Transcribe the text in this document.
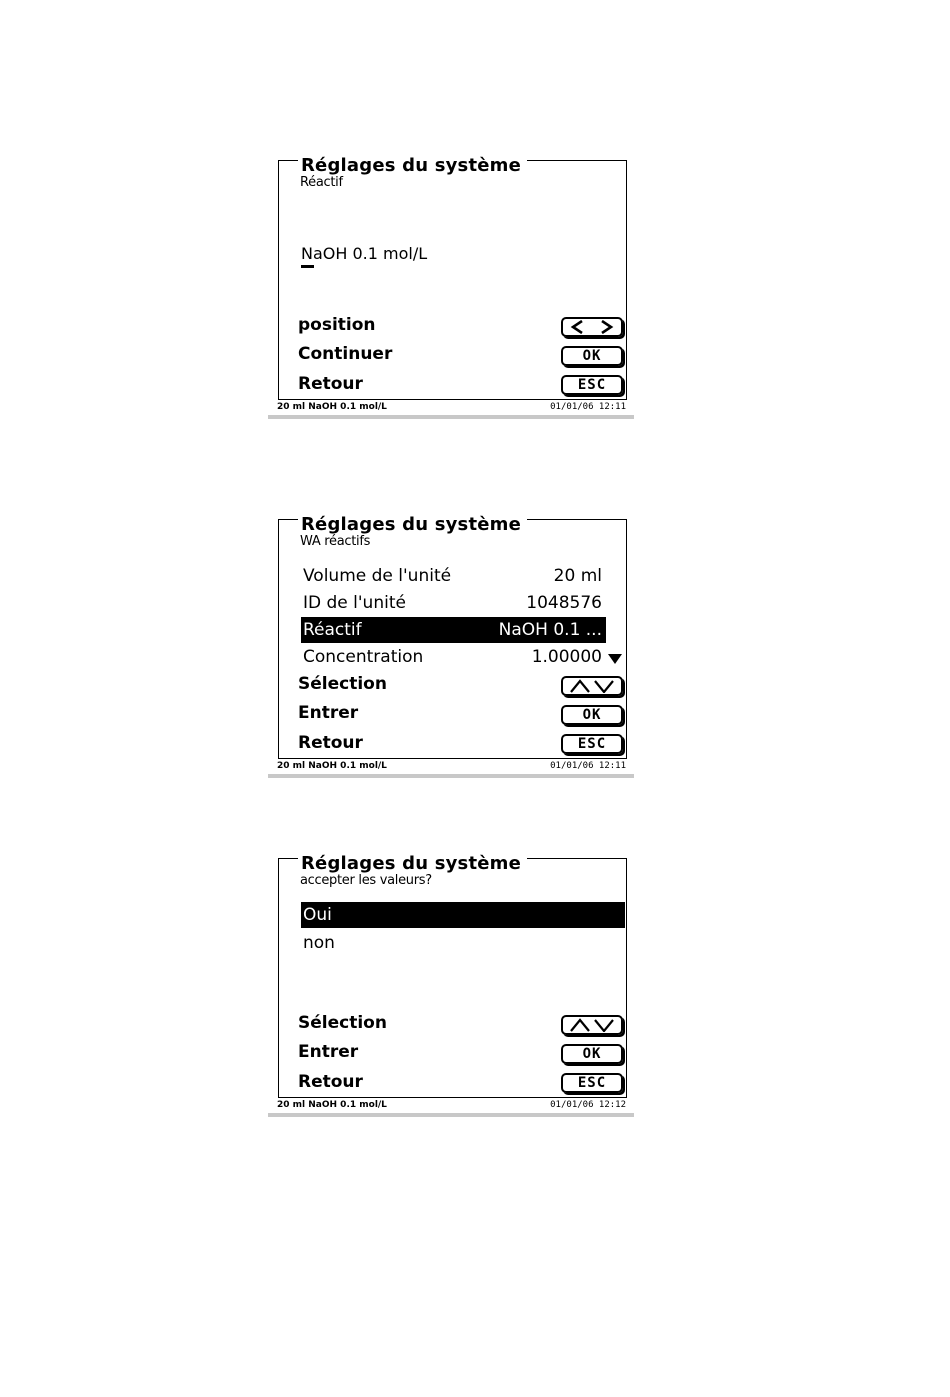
Réglages du système
Réactif
NaOH 0.1 mol/L
position
Continuer	OK
Retour	ESC
20 ml NaOH 0.1 mol/L	01/01/06 12:11
Réglages du système
WA réactifs
Volume de l'unité	20 ml
ID de l'unité	1048576
Réactif	NaOH 0.1 ...
Concentration	1.00000
Sélection
Entrer	OK
Retour	ESC
20 ml NaOH 0.1 mol/L	01/01/06 12:11
Réglages du système
accepter les valeurs?
Oui
non
Sélection
Entrer	OK
Retour	ESC
20 ml NaOH 0.1 mol/L	01/01/06 12:12
